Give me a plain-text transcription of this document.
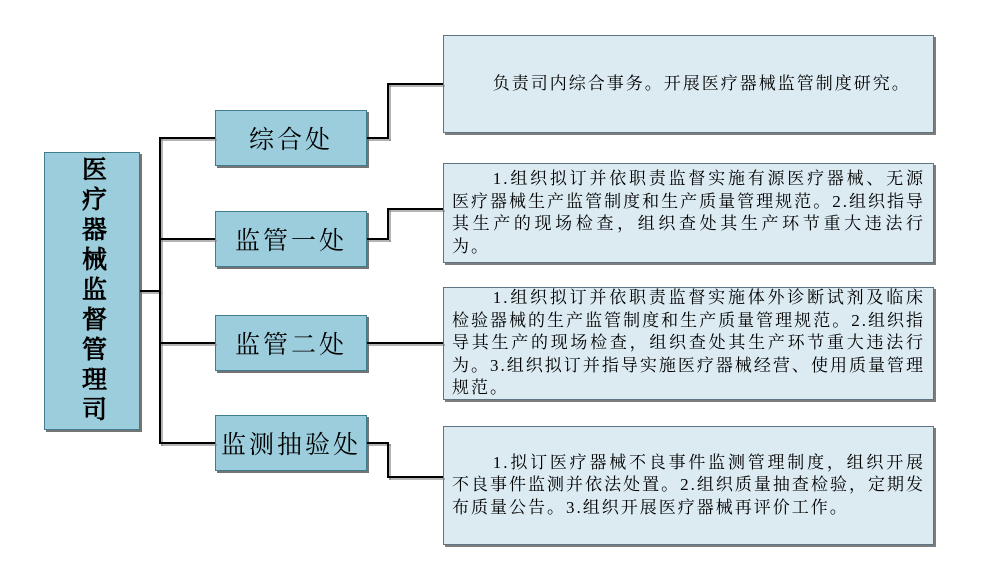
医疗器械监督管理司
综合处
监管一处
监管二处
监测抽验处

负责司内综合事务。开展医疗器械监管制度研究。

1.组织拟订并依职责监督实施有源医疗器械、无源医疗器械生产监管制度和生产质量管理规范。2.组织指导其生产的现场检查，组织查处其生产环节重大违法行为。

1.组织拟订并依职责监督实施体外诊断试剂及临床检验器械的生产监管制度和生产质量管理规范。2.组织指导其生产的现场检查，组织查处其生产环节重大违法行为。3.组织拟订并指导实施医疗器械经营、使用质量管理规范。

1.拟订医疗器械不良事件监测管理制度，组织开展不良事件监测并依法处置。2.组织质量抽查检验，定期发布质量公告。3.组织开展医疗器械再评价工作。
